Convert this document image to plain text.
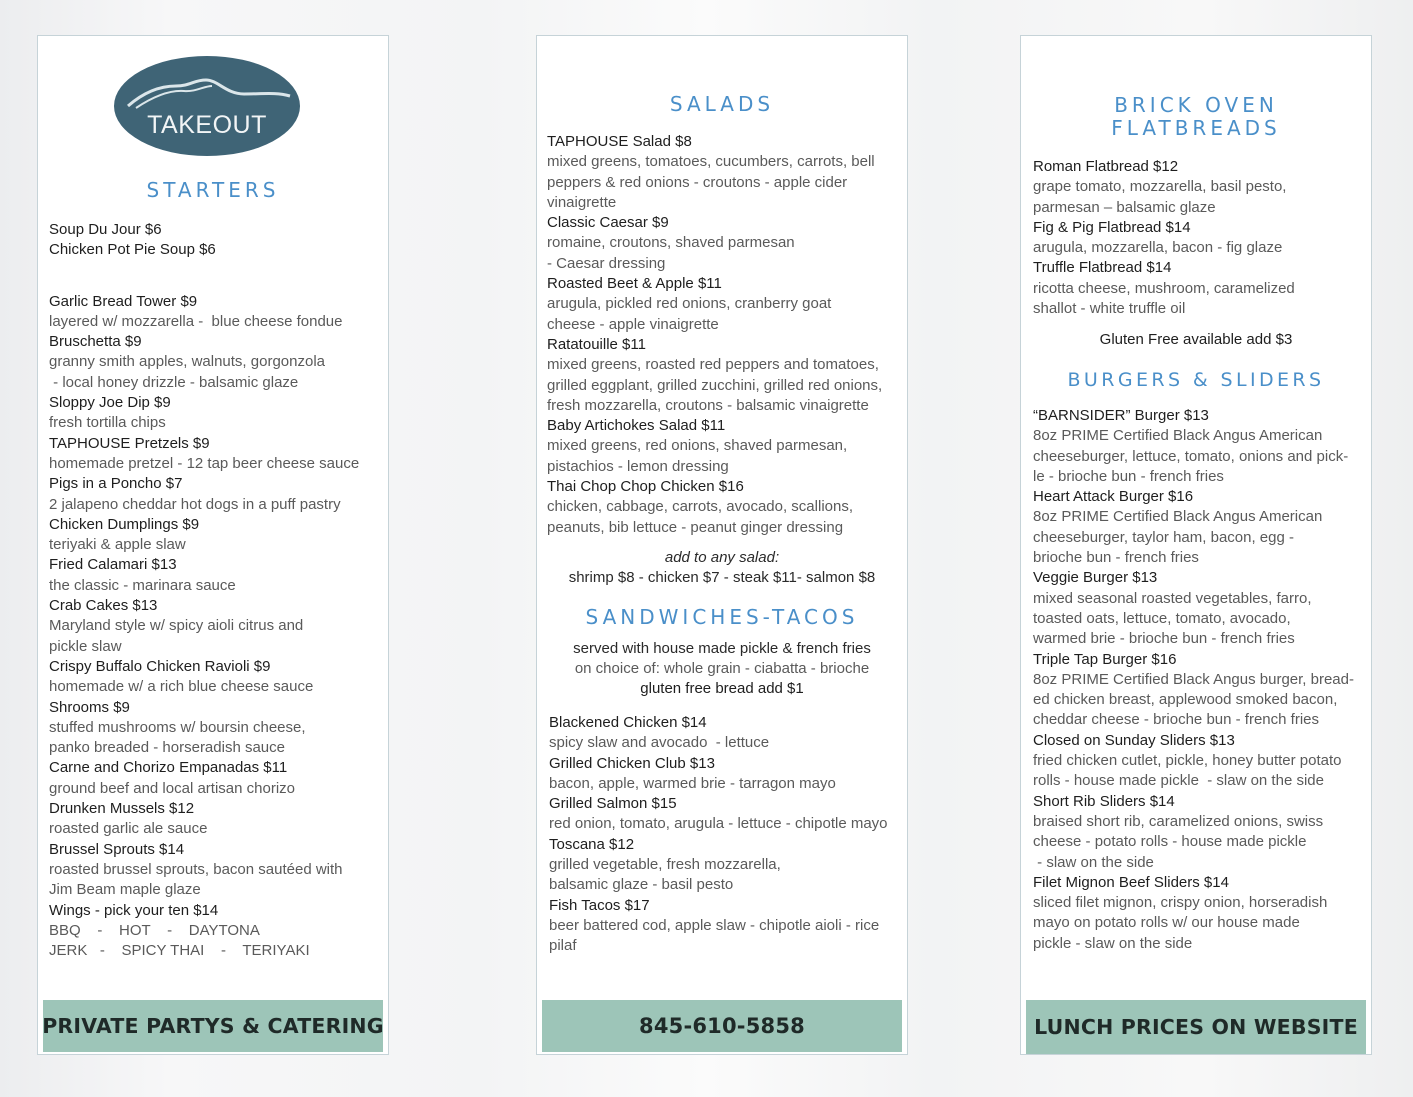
TAKEOUT
STARTERS
Soup Du Jour $6
Chicken Pot Pie Soup $6
Garlic Bread Tower $9
layered w/ mozzarella -  blue cheese fondue
Bruschetta $9
granny smith apples, walnuts, gorgonzola
- local honey drizzle - balsamic glaze
Sloppy Joe Dip $9
fresh tortilla chips
TAPHOUSE Pretzels $9
homemade pretzel - 12 tap beer cheese sauce
Pigs in a Poncho $7
2 jalapeno cheddar hot dogs in a puff pastry
Chicken Dumplings $9
teriyaki & apple slaw
Fried Calamari $13
the classic - marinara sauce
Crab Cakes $13
Maryland style w/ spicy aioli citrus and
pickle slaw
Crispy Buffalo Chicken Ravioli $9
homemade w/ a rich blue cheese sauce
Shrooms $9
stuffed mushrooms w/ boursin cheese,
panko breaded - horseradish sauce
Carne and Chorizo Empanadas $11
ground beef and local artisan chorizo
Drunken Mussels $12
roasted garlic ale sauce
Brussel Sprouts $14
roasted brussel sprouts, bacon sautéed with
Jim Beam maple glaze
Wings - pick your ten $14
BBQ    -    HOT    -    DAYTONA
JERK   -    SPICY THAI    -    TERIYAKI
PRIVATE PARTYS & CATERING
SALADS
TAPHOUSE Salad $8
mixed greens, tomatoes, cucumbers, carrots, bell
peppers & red onions - croutons - apple cider
vinaigrette
Classic Caesar $9
romaine, croutons, shaved parmesan
- Caesar dressing
Roasted Beet & Apple $11
arugula, pickled red onions, cranberry goat
cheese - apple vinaigrette
Ratatouille $11
mixed greens, roasted red peppers and tomatoes,
grilled eggplant, grilled zucchini, grilled red onions,
fresh mozzarella, croutons - balsamic vinaigrette
Baby Artichokes Salad $11
mixed greens, red onions, shaved parmesan,
pistachios - lemon dressing
Thai Chop Chop Chicken $16
chicken, cabbage, carrots, avocado, scallions,
peanuts, bib lettuce - peanut ginger dressing
add to any salad:
shrimp $8 - chicken $7 - steak $11- salmon $8
SANDWICHES-TACOS
served with house made pickle & french fries
on choice of: whole grain - ciabatta - brioche
gluten free bread add $1
Blackened Chicken $14
spicy slaw and avocado  - lettuce
Grilled Chicken Club $13
bacon, apple, warmed brie - tarragon mayo
Grilled Salmon $15
red onion, tomato, arugula - lettuce - chipotle mayo
Toscana $12
grilled vegetable, fresh mozzarella,
balsamic glaze - basil pesto
Fish Tacos $17
beer battered cod, apple slaw - chipotle aioli - rice
pilaf
845-610-5858
BRICK OVEN
FLATBREADS
Roman Flatbread $12
grape tomato, mozzarella, basil pesto,
parmesan – balsamic glaze
Fig & Pig Flatbread $14
arugula, mozzarella, bacon - fig glaze
Truffle Flatbread $14
ricotta cheese, mushroom, caramelized
shallot - white truffle oil
Gluten Free available add $3
BURGERS & SLIDERS
“BARNSIDER” Burger $13
8oz PRIME Certified Black Angus American
cheeseburger, lettuce, tomato, onions and pick-
le - brioche bun - french fries
Heart Attack Burger $16
8oz PRIME Certified Black Angus American
cheeseburger, taylor ham, bacon, egg -
brioche bun - french fries
Veggie Burger $13
mixed seasonal roasted vegetables, farro,
toasted oats, lettuce, tomato, avocado,
warmed brie - brioche bun - french fries
Triple Tap Burger $16
8oz PRIME Certified Black Angus burger, bread-
ed chicken breast, applewood smoked bacon,
cheddar cheese - brioche bun - french fries
Closed on Sunday Sliders $13
fried chicken cutlet, pickle, honey butter potato
rolls - house made pickle  - slaw on the side
Short Rib Sliders $14
braised short rib, caramelized onions, swiss
cheese - potato rolls - house made pickle
- slaw on the side
Filet Mignon Beef Sliders $14
sliced filet mignon, crispy onion, horseradish
mayo on potato rolls w/ our house made
pickle - slaw on the side
LUNCH PRICES ON WEBSITE
